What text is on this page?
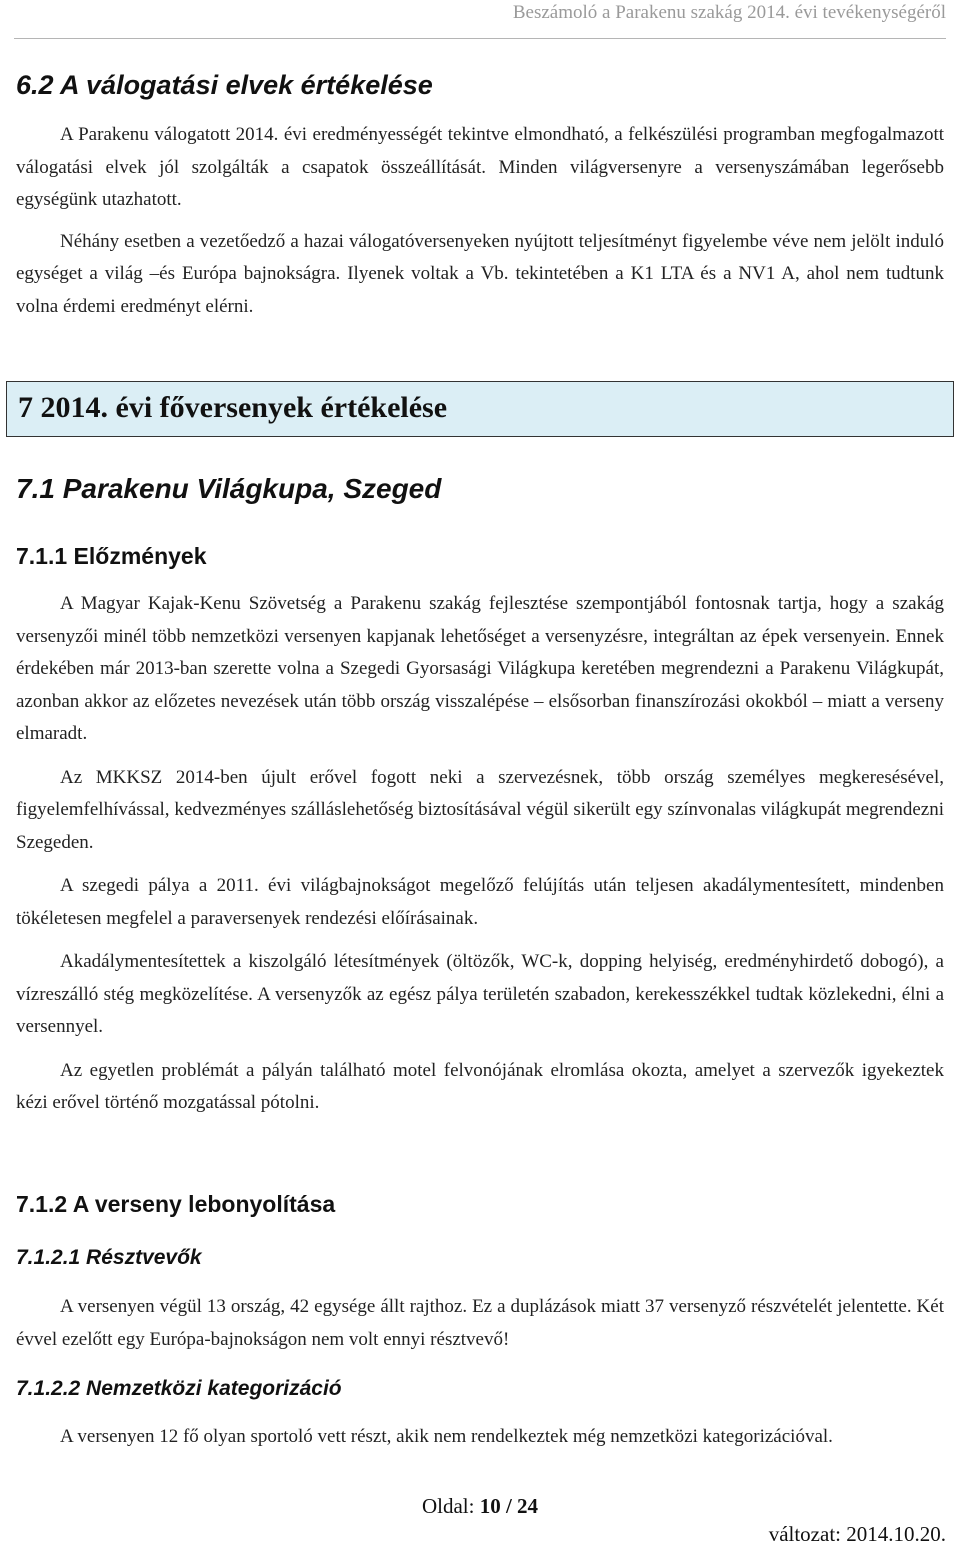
Beszámoló a Parakenu szakág 2014. évi tevékenységéről
6.2 A válogatási elvek értékelése

A Parakenu válogatott 2014. évi eredményességét tekintve elmondható, a felkészülési programban megfogalmazott válogatási elvek jól szolgálták a csapatok összeállítását. Minden világversenyre a versenyszámában legerősebb egységünk utazhatott.

Néhány esetben a vezetőedző a hazai válogatóversenyeken nyújtott teljesítményt figyelembe véve nem jelölt induló egységet a világ –és Európa bajnokságra. Ilyenek voltak a Vb. tekintetében a K1 LTA és a NV1 A, ahol nem tudtunk volna érdemi eredményt elérni.

7 2014. évi főversenyek értékelése
7.1 Parakenu Világkupa, Szeged
7.1.1 Előzmények

A Magyar Kajak-Kenu Szövetség a Parakenu szakág fejlesztése szempontjából fontosnak tartja, hogy a szakág versenyzői minél több nemzetközi versenyen kapjanak lehetőséget a versenyzésre, integráltan az épek versenyein. Ennek érdekében már 2013-ban szerette volna a Szegedi Gyorsasági Világkupa keretében megrendezni a Parakenu Világkupát, azonban akkor az előzetes nevezések után több ország visszalépése – elsősorban finanszírozási okokból – miatt a verseny elmaradt.

Az MKKSZ 2014-ben újult erővel fogott neki a szervezésnek, több ország személyes megkeresésével, figyelemfelhívással, kedvezményes szálláslehetőség biztosításával végül sikerült egy színvonalas világkupát megrendezni Szegeden.

A szegedi pálya a 2011. évi világbajnokságot megelőző felújítás után teljesen akadálymentesített, mindenben tökéletesen megfelel a paraversenyek rendezési előírásainak.

Akadálymentesítettek a kiszolgáló létesítmények (öltözők, WC-k, dopping helyiség, eredményhirdető dobogó), a vízreszálló stég megközelítése. A versenyzők az egész pálya területén szabadon, kerekesszékkel tudtak közlekedni, élni a versennyel.

Az egyetlen problémát a pályán található motel felvonójának elromlása okozta, amelyet a szervezők igyekeztek kézi erővel történő mozgatással pótolni.

7.1.2 A verseny lebonyolítása
7.1.2.1 Résztvevők

A versenyen végül 13 ország, 42 egysége állt rajthoz. Ez a duplázások miatt 37 versenyző részvételét jelentette. Két évvel ezelőtt egy Európa-bajnokságon nem volt ennyi résztvevő!

7.1.2.2 Nemzetközi kategorizáció

A versenyen 12 fő olyan sportoló vett részt, akik nem rendelkeztek még nemzetközi kategorizációval.

Oldal: 10 / 24
változat: 2014.10.20.
